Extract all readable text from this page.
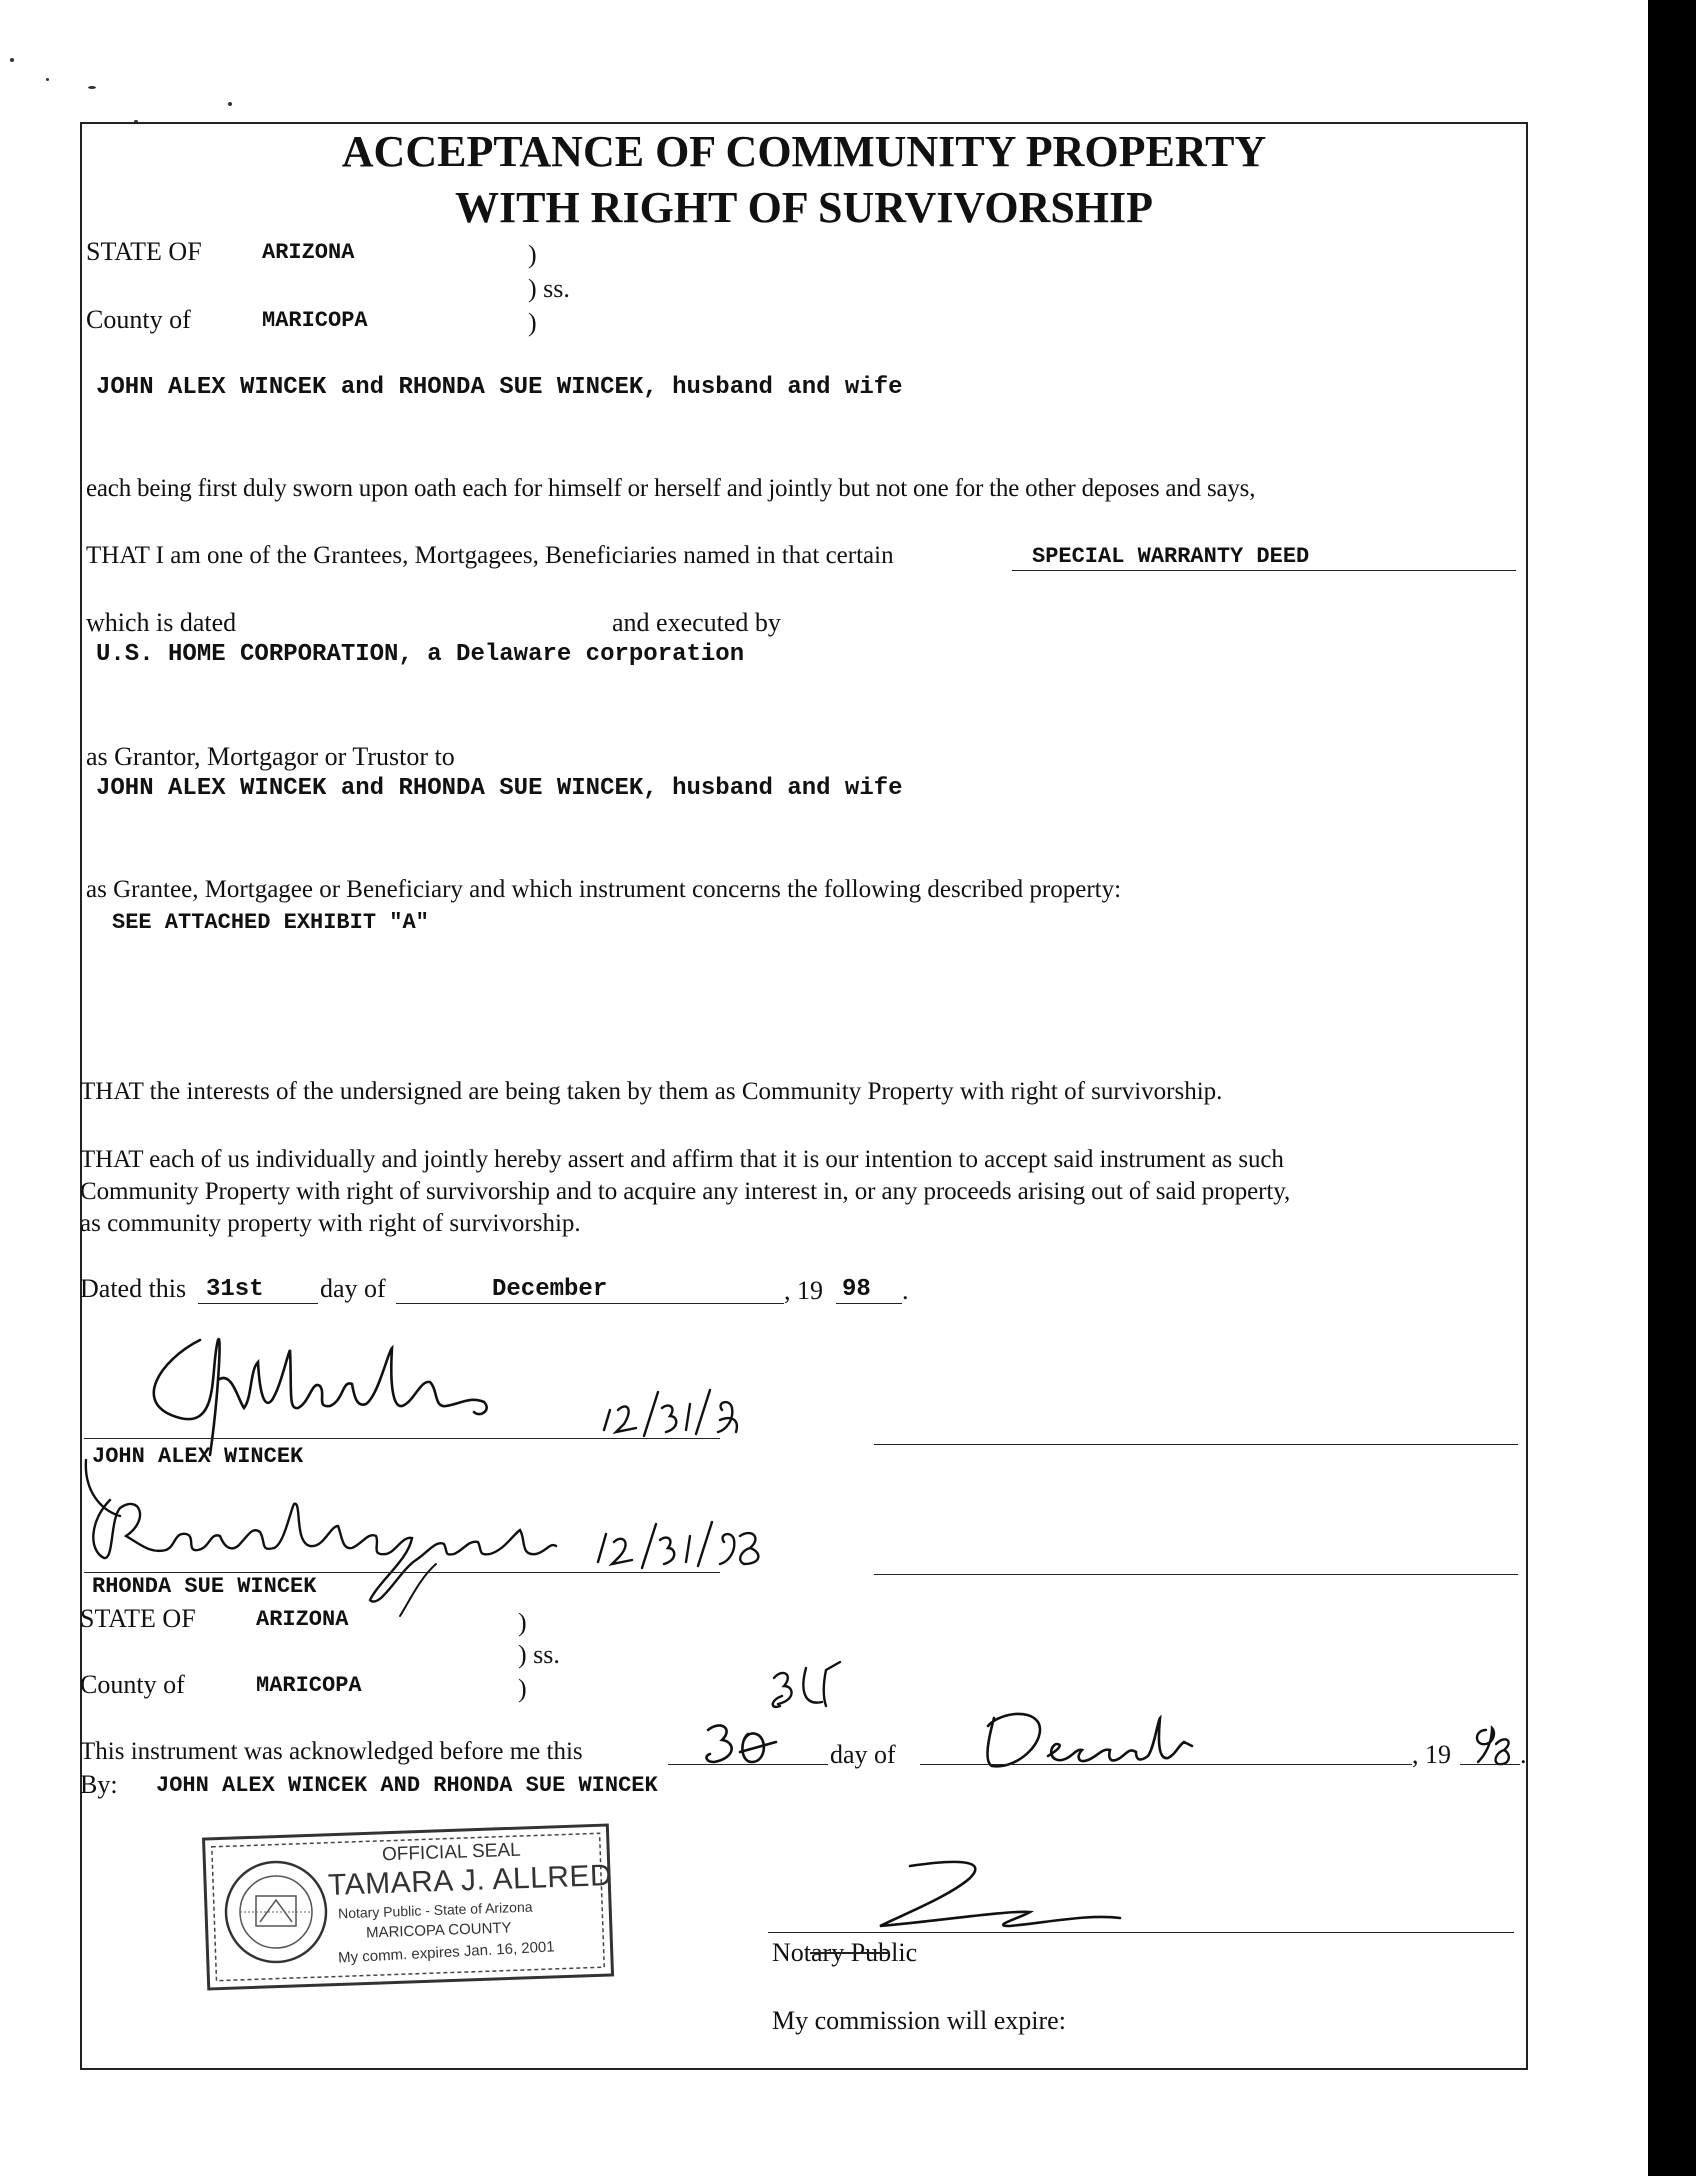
ACCEPTANCE OF COMMUNITY PROPERTY
WITH RIGHT OF SURVIVORSHIP
STATE OF	ARIZONA	)
) ss.
County of	MARICOPA	)
JOHN ALEX WINCEK and RHONDA SUE WINCEK, husband and wife
each being first duly sworn upon oath each for himself or herself and jointly but not one for the other deposes and says,
THAT I am one of the Grantees, Mortgagees, Beneficiaries named in that certain	SPECIAL WARRANTY DEED
which is dated	and executed by
U.S. HOME CORPORATION, a Delaware corporation
as Grantor, Mortgagor or Trustor to
JOHN ALEX WINCEK and RHONDA SUE WINCEK, husband and wife
as Grantee, Mortgagee or Beneficiary and which instrument concerns the following described property:
SEE ATTACHED EXHIBIT "A"
THAT the interests of the undersigned are being taken by them as Community Property with right of survivorship.
THAT each of us individually and jointly hereby assert and affirm that it is our intention to accept said instrument as such
Community Property with right of survivorship and to acquire any interest in, or any proceeds arising out of said property,
as community property with right of survivorship.
Dated this 31st day of	December	, 19 98 .
JOHN ALEX WINCEK
RHONDA SUE WINCEK
STATE OF	ARIZONA	)
) ss.
County of	MARICOPA	)
This instrument was acknowledged before me this	day of	, 19	.
By: JOHN ALEX WINCEK AND RHONDA SUE WINCEK
OFFICIAL SEAL
TAMARA J. ALLRED
Notary Public - State of Arizona
MARICOPA COUNTY
My comm. expires Jan. 16, 2001	Notary Public
My commission will expire:
